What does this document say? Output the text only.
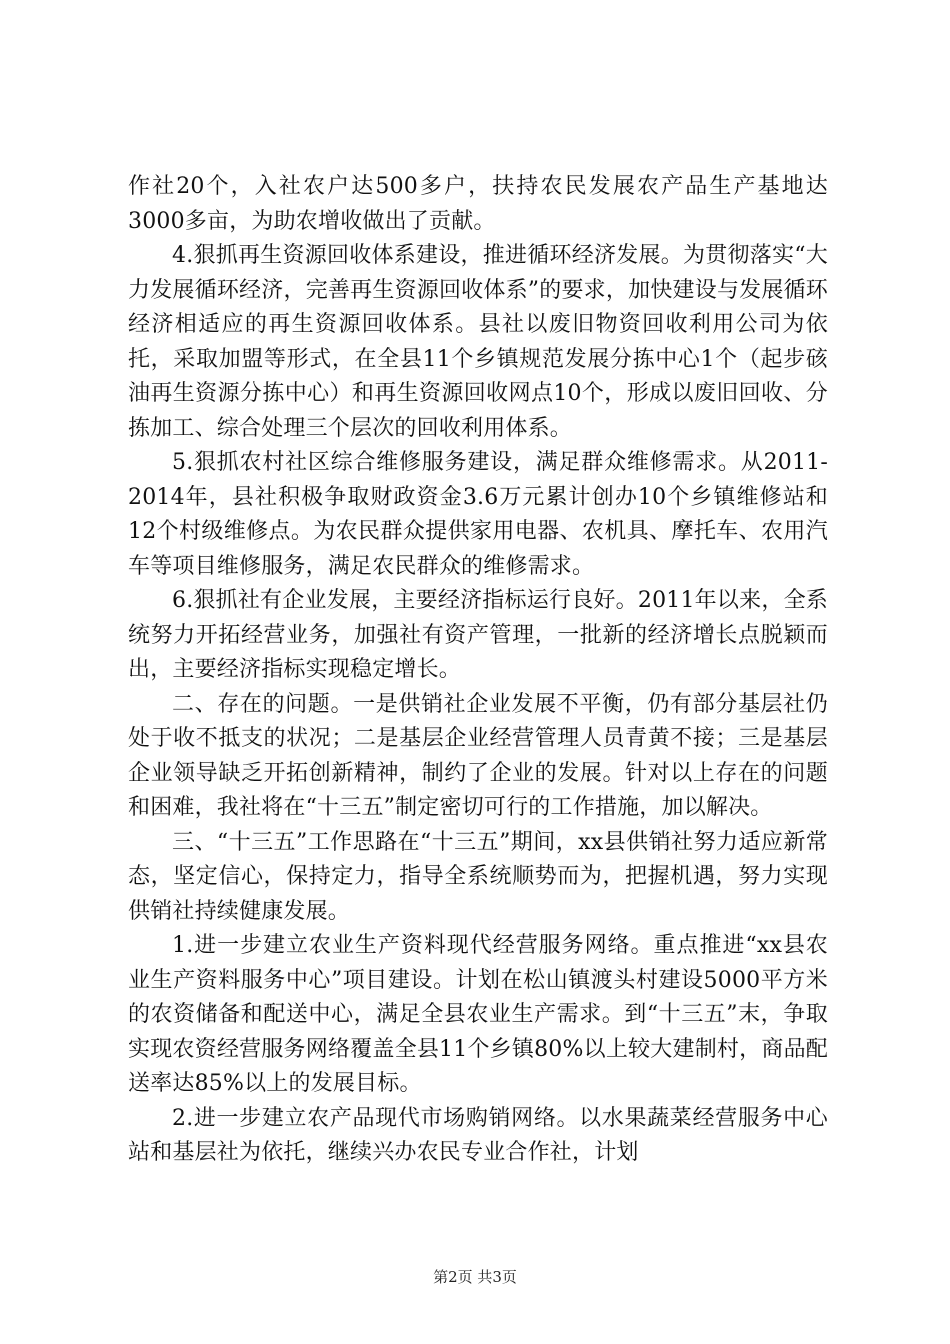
作社20个，入社农户达500多户，扶持农民发展农产品生产基地达3000多亩，为助农增收做出了贡献。

4.狠抓再生资源回收体系建设，推进循环经济发展。为贯彻落实“大力发展循环经济，完善再生资源回收体系”的要求，加快建设与发展循环经济相适应的再生资源回收体系。县社以废旧物资回收利用公司为依托，采取加盟等形式，在全县11个乡镇规范发展分拣中心1个（起步硋油再生资源分拣中心）和再生资源回收网点10个，形成以废旧回收、分拣加工、综合处理三个层次的回收利用体系。

5.狠抓农村社区综合维修服务建设，满足群众维修需求。从2011-2014年，县社积极争取财政资金3.6万元累计创办10个乡镇维修站和12个村级维修点。为农民群众提供家用电器、农机具、摩托车、农用汽车等项目维修服务，满足农民群众的维修需求。

6.狠抓社有企业发展，主要经济指标运行良好。2011年以来，全系统努力开拓经营业务，加强社有资产管理，一批新的经济增长点脱颖而出，主要经济指标实现稳定增长。

二、存在的问题。一是供销社企业发展不平衡，仍有部分基层社仍处于收不抵支的状况；二是基层企业经营管理人员青黄不接；三是基层企业领导缺乏开拓创新精神，制约了企业的发展。针对以上存在的问题和困难，我社将在“十三五”制定密切可行的工作措施，加以解决。

三、“十三五”工作思路在“十三五”期间，xx县供销社努力适应新常态，坚定信心，保持定力，指导全系统顺势而为，把握机遇，努力实现供销社持续健康发展。

1.进一步建立农业生产资料现代经营服务网络。重点推进“xx县农业生产资料服务中心”项目建设。计划在松山镇渡头村建设5000平方米的农资储备和配送中心，满足全县农业生产需求。到“十三五”末，争取实现农资经营服务网络覆盖全县11个乡镇80%以上较大建制村，商品配送率达85%以上的发展目标。

2.进一步建立农产品现代市场购销网络。以水果蔬菜经营服务中心站和基层社为依托，继续兴办农民专业合作社，计划

第2页 共3页
